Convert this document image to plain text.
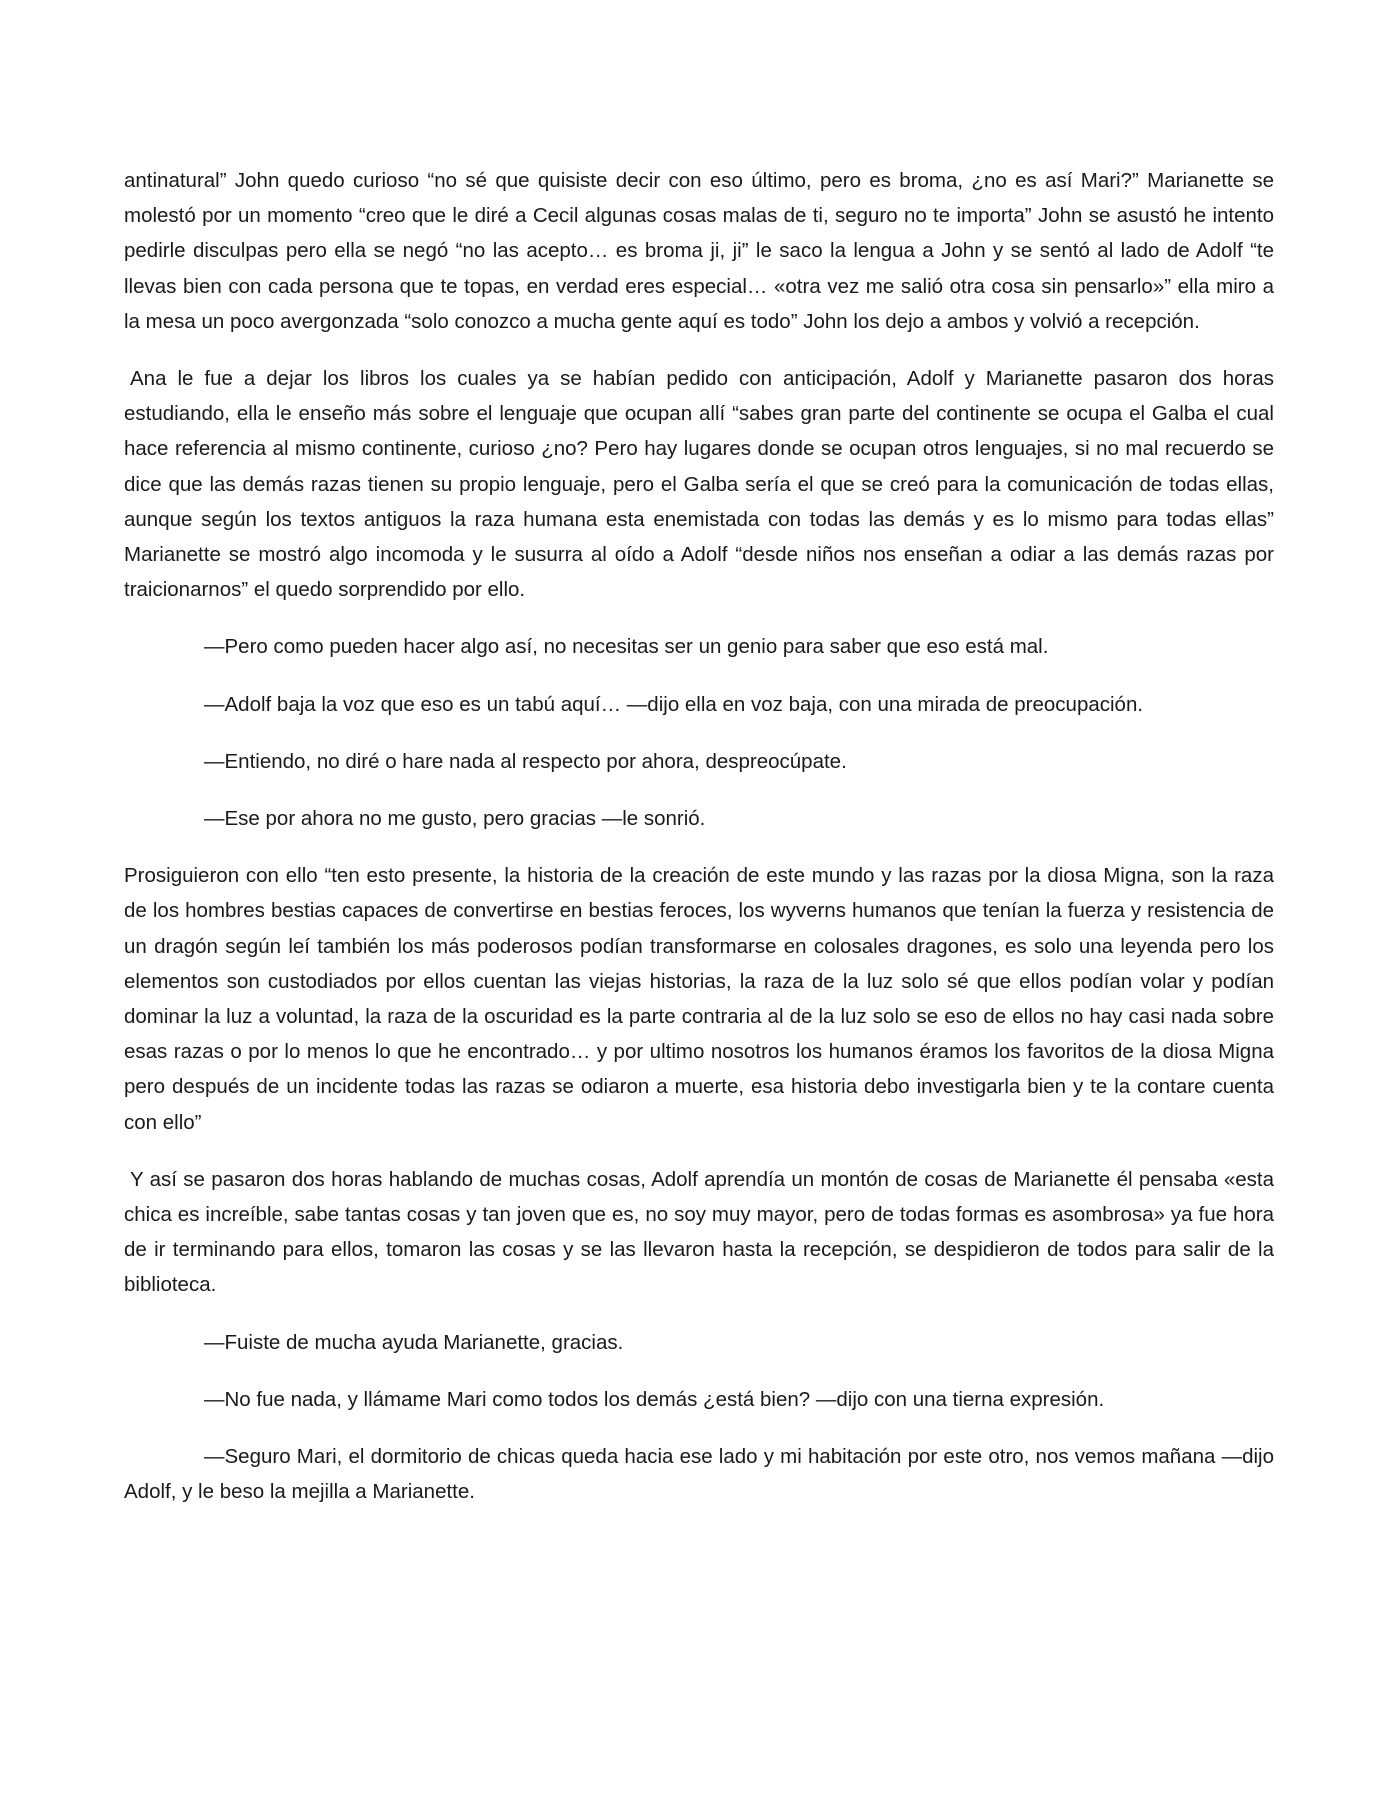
antinatural” John quedo curioso “no sé que quisiste decir con eso último, pero es broma, ¿no es así Mari?” Marianette se molestó por un momento “creo que le diré a Cecil algunas cosas malas de ti, seguro no te importa” John se asustó he intento pedirle disculpas pero ella se negó “no las acepto… es broma ji, ji” le saco la lengua a John y se sentó al lado de Adolf “te llevas bien con cada persona que te topas, en verdad eres especial… «otra vez me salió otra cosa sin pensarlo»” ella miro a la mesa un poco avergonzada “solo conozco a mucha gente aquí es todo” John los dejo a ambos y volvió a recepción.

Ana le fue a dejar los libros los cuales ya se habían pedido con anticipación, Adolf y Marianette pasaron dos horas estudiando, ella le enseño más sobre el lenguaje que ocupan allí “sabes gran parte del continente se ocupa el Galba el cual hace referencia al mismo continente, curioso ¿no? Pero hay lugares donde se ocupan otros lenguajes, si no mal recuerdo se dice que las demás razas tienen su propio lenguaje, pero el Galba sería el que se creó para la comunicación de todas ellas, aunque según los textos antiguos la raza humana esta enemistada con todas las demás y es lo mismo para todas ellas” Marianette se mostró algo incomoda y le susurra al oído a Adolf “desde niños nos enseñan a odiar a las demás razas por traicionarnos” el quedo sorprendido por ello.

—Pero como pueden hacer algo así, no necesitas ser un genio para saber que eso está mal.

—Adolf baja la voz que eso es un tabú aquí… —dijo ella en voz baja, con una mirada de preocupación.

—Entiendo, no diré o hare nada al respecto por ahora, despreocúpate.

—Ese por ahora no me gusto, pero gracias —le sonrió.

Prosiguieron con ello “ten esto presente, la historia de la creación de este mundo y las razas por la diosa Migna, son la raza de los hombres bestias capaces de convertirse en bestias feroces, los wyverns humanos que tenían la fuerza y resistencia de un dragón según leí también los más poderosos podían transformarse en colosales dragones, es solo una leyenda pero los elementos son custodiados por ellos cuentan las viejas historias, la raza de la luz solo sé que ellos podían volar y podían dominar la luz a voluntad, la raza de la oscuridad es la parte contraria al de la luz solo se eso de ellos no hay casi nada sobre esas razas o por lo menos lo que he encontrado… y por ultimo nosotros los humanos éramos los favoritos de la diosa Migna pero después de un incidente todas las razas se odiaron a muerte, esa historia debo investigarla bien y te la contare cuenta con ello”

Y así se pasaron dos horas hablando de muchas cosas, Adolf aprendía un montón de cosas de Marianette él pensaba «esta chica es increíble, sabe tantas cosas y tan joven que es, no soy muy mayor, pero de todas formas es asombrosa» ya fue hora de ir terminando para ellos, tomaron las cosas y se las llevaron hasta la recepción, se despidieron de todos para salir de la biblioteca.

—Fuiste de mucha ayuda Marianette, gracias.

—No fue nada, y llámame Mari como todos los demás ¿está bien? —dijo con una tierna expresión.

—Seguro Mari, el dormitorio de chicas queda hacia ese lado y mi habitación por este otro, nos vemos mañana —dijo Adolf, y le beso la mejilla a Marianette.
